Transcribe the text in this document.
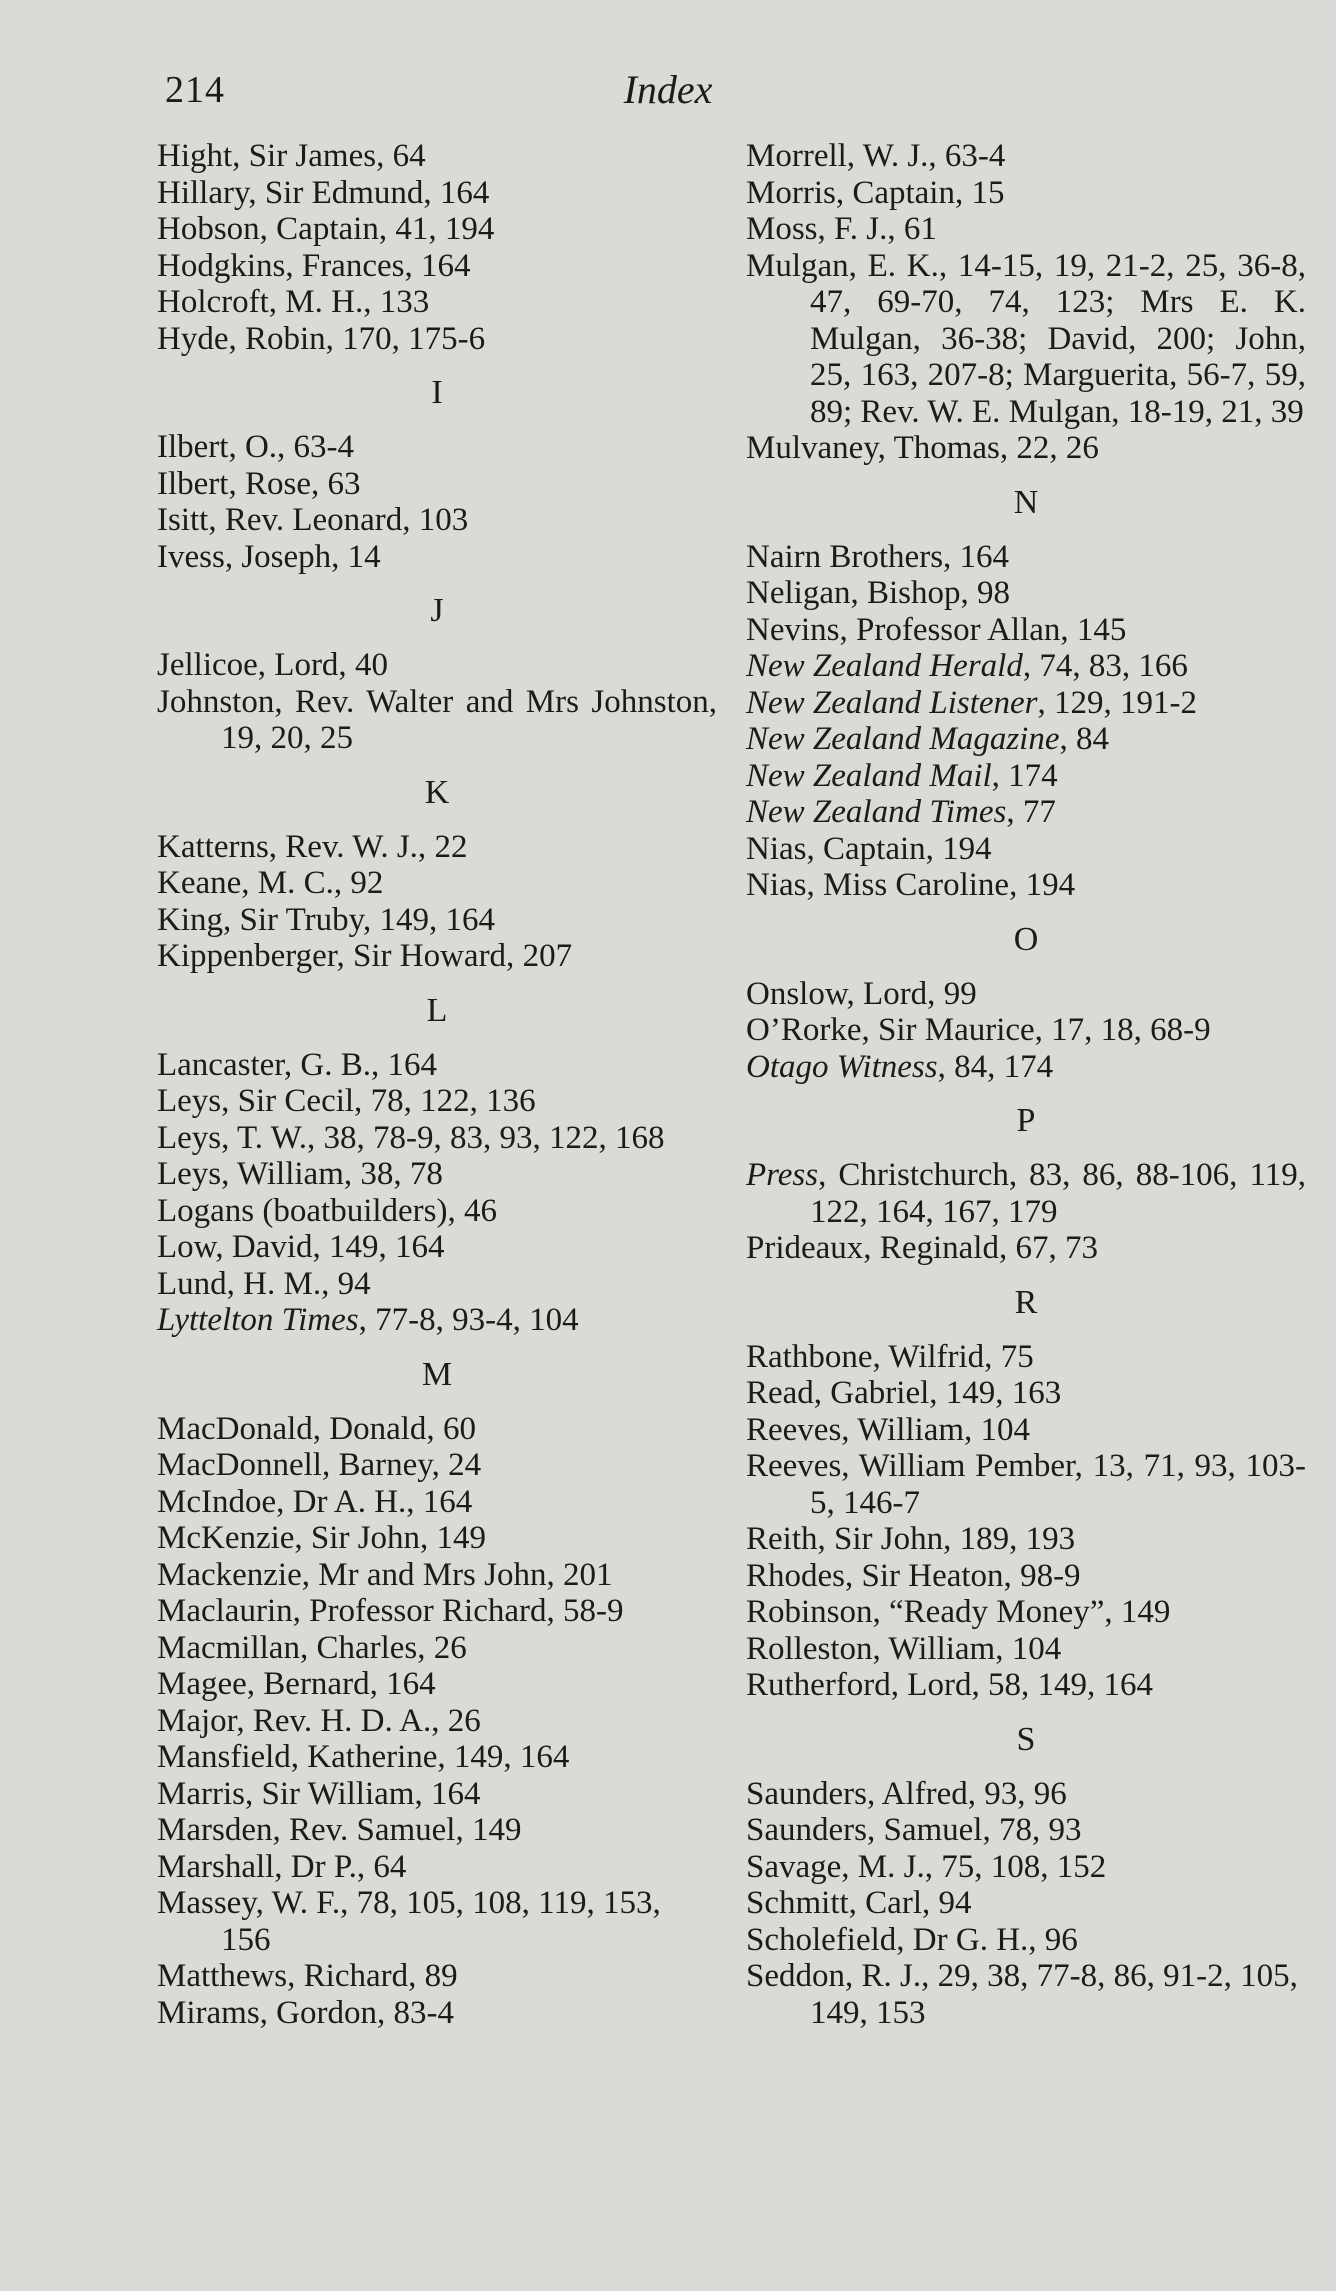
214	Index

Hight, Sir James, 64

Hillary, Sir Edmund, 164

Hobson, Captain, 41, 194

Hodgkins, Frances, 164

Holcroft, M. H., 133

Hyde, Robin, 170, 175-6

I

Ilbert, O., 63-4

Ilbert, Rose, 63

Isitt, Rev. Leonard, 103

Ivess, Joseph, 14

J

Jellicoe, Lord, 40

Johnston, Rev. Walter and Mrs Johnston, 19, 20, 25

K

Katterns, Rev. W. J., 22

Keane, M. C., 92

King, Sir Truby, 149, 164

Kippenberger, Sir Howard, 207

L

Lancaster, G. B., 164

Leys, Sir Cecil, 78, 122, 136

Leys, T. W., 38, 78-9, 83, 93, 122, 168

Leys, William, 38, 78

Logans (boatbuilders), 46

Low, David, 149, 164

Lund, H. M., 94

Lyttelton Times, 77-8, 93-4, 104

M

MacDonald, Donald, 60

MacDonnell, Barney, 24

McIndoe, Dr A. H., 164

McKenzie, Sir John, 149

Mackenzie, Mr and Mrs John, 201

Maclaurin, Professor Richard, 58-9

Macmillan, Charles, 26

Magee, Bernard, 164

Major, Rev. H. D. A., 26

Mansfield, Katherine, 149, 164

Marris, Sir William, 164

Marsden, Rev. Samuel, 149

Marshall, Dr P., 64

Massey, W. F., 78, 105, 108, 119, 153, 156

Matthews, Richard, 89

Mirams, Gordon, 83-4

Morrell, W. J., 63-4

Morris, Captain, 15

Moss, F. J., 61

Mulgan, E. K., 14-15, 19, 21-2, 25, 36-8, 47, 69-70, 74, 123; Mrs E. K. Mulgan, 36-38; David, 200; John, 25, 163, 207-8; Marguerita, 56-7, 59, 89; Rev. W. E. Mulgan, 18-19, 21, 39

Mulvaney, Thomas, 22, 26

N

Nairn Brothers, 164

Neligan, Bishop, 98

Nevins, Professor Allan, 145

New Zealand Herald, 74, 83, 166

New Zealand Listener, 129, 191-2

New Zealand Magazine, 84

New Zealand Mail, 174

New Zealand Times, 77

Nias, Captain, 194

Nias, Miss Caroline, 194

O

Onslow, Lord, 99

O’Rorke, Sir Maurice, 17, 18, 68-9

Otago Witness, 84, 174

P

Press, Christchurch, 83, 86, 88-106, 119, 122, 164, 167, 179

Prideaux, Reginald, 67, 73

R

Rathbone, Wilfrid, 75

Read, Gabriel, 149, 163

Reeves, William, 104

Reeves, William Pember, 13, 71, 93, 103-5, 146-7

Reith, Sir John, 189, 193

Rhodes, Sir Heaton, 98-9

Robinson, “Ready Money”, 149

Rolleston, William, 104

Rutherford, Lord, 58, 149, 164

S

Saunders, Alfred, 93, 96

Saunders, Samuel, 78, 93

Savage, M. J., 75, 108, 152

Schmitt, Carl, 94

Scholefield, Dr G. H., 96

Seddon, R. J., 29, 38, 77-8, 86, 91-2, 105, 149, 153
